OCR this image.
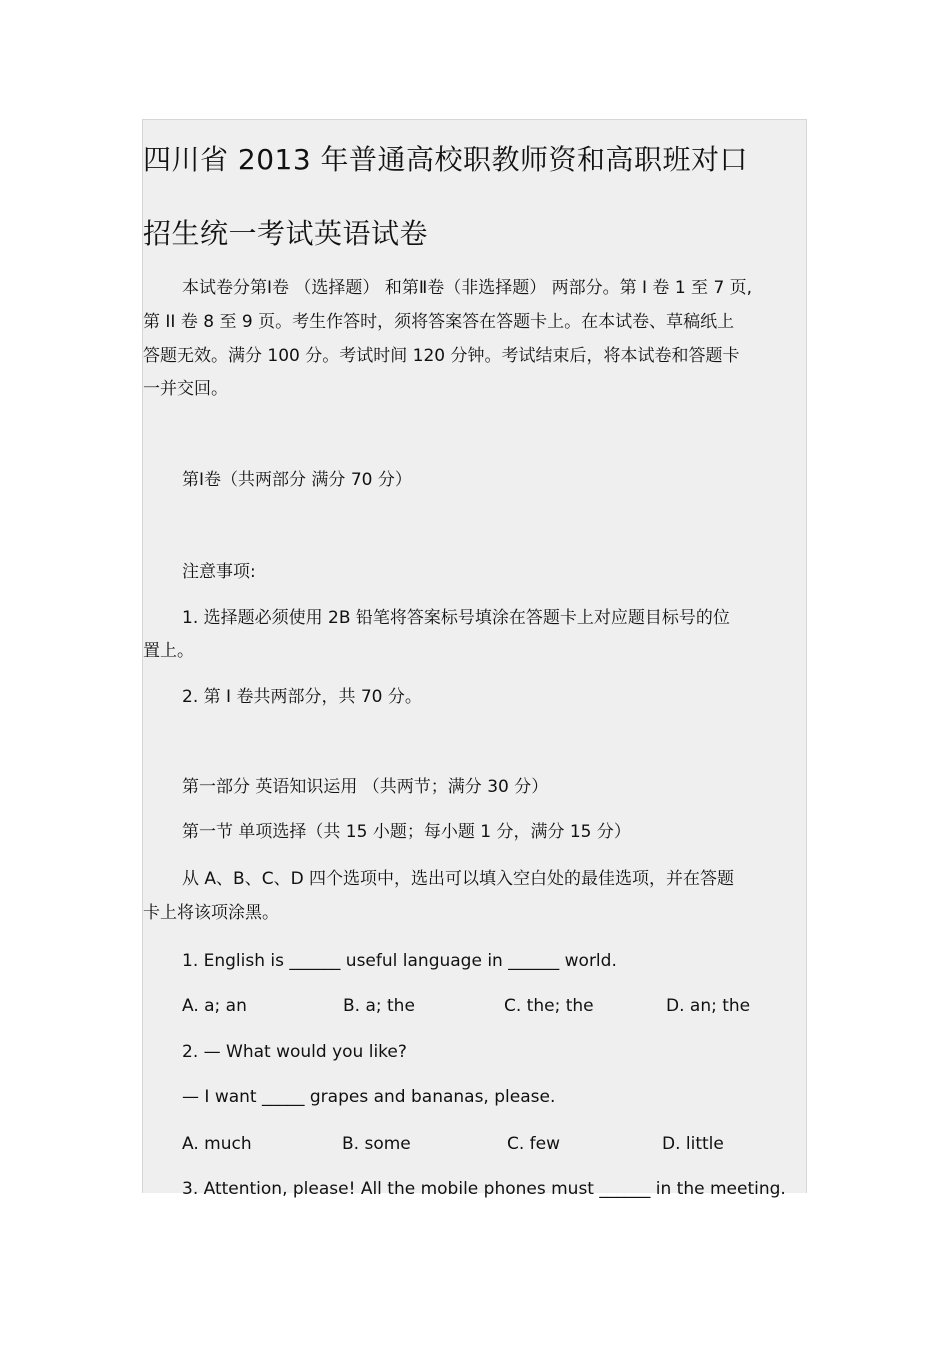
四川省 2013 年普通高校职教师资和高职班对口
招生统一考试英语试卷
本试卷分第Ⅰ卷 （选择题） 和第Ⅱ卷（非选择题） 两部分。第 I 卷 1 至 7 页,
第 II 卷 8 至 9 页。考生作答时，须将答案答在答题卡上。在本试卷、草稿纸上
答题无效。满分 100 分。考试时间 120 分钟。考试结束后，将本试卷和答题卡
一并交回。
第Ⅰ卷（共两部分 满分 70 分）
注意事项:
1. 选择题必须使用 2B 铅笔将答案标号填涂在答题卡上对应题目标号的位
置上。
2. 第 I 卷共两部分，共 70 分。
第一部分 英语知识运用 （共两节；满分 30 分）
第一节 单项选择（共 15 小题；每小题 1 分，满分 15 分）
从 A、B、C、D 四个选项中，选出可以填入空白处的最佳选项，并在答题
卡上将该项涂黑。
1. English is ______ useful language in ______ world.
A. a; an	B. a; the	C. the; the	D. an; the
2. — What would you like?
— I want _____ grapes and bananas, please.
A. much	B. some	C. few	D. little
3. Attention, please! All the mobile phones must ______ in the meeting.
